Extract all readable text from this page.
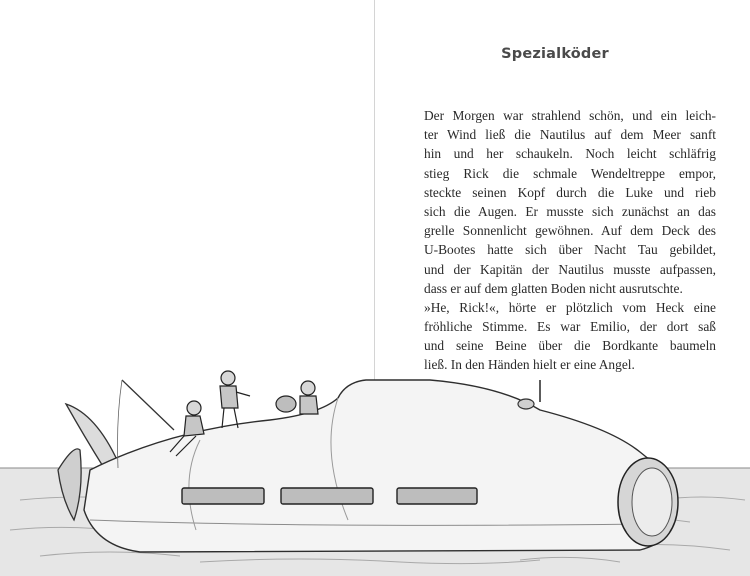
Spezialköder
Der Morgen war strahlend schön, und ein leich-
ter Wind ließ die Nautilus auf dem Meer sanft
hin und her schaukeln. Noch leicht schläfrig
stieg Rick die schmale Wendeltreppe empor,
steckte seinen Kopf durch die Luke und rieb
sich die Augen. Er musste sich zunächst an das
grelle Sonnenlicht gewöhnen. Auf dem Deck des
U-Bootes hatte sich über Nacht Tau gebildet,
und der Kapitän der Nautilus musste aufpassen,
dass er auf dem glatten Boden nicht ausrutschte.
»He, Rick!«, hörte er plötzlich vom Heck eine
fröhliche Stimme. Es war Emilio, der dort saß
und seine Beine über die Bordkante baumeln
ließ. In den Händen hielt er eine Angel.
